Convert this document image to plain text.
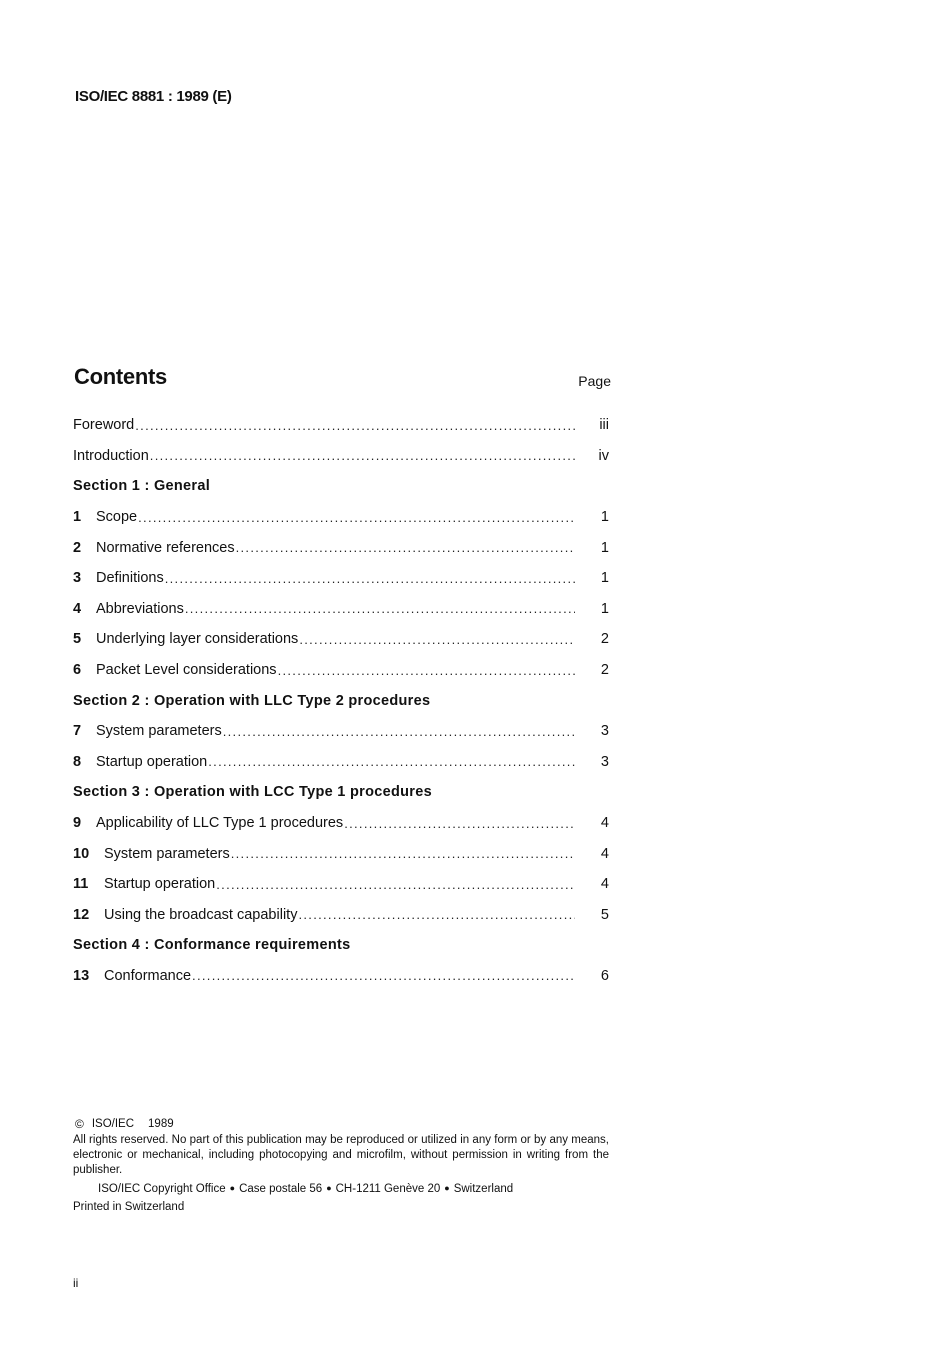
ISO/IEC 8881 : 1989 (E)
Contents	Page
Foreword .....	iii
Introduction .....	iv
Section 1 : General
1	Scope .....	1
2	Normative references .....	1
3	Definitions .....	1
4	Abbreviations .....	1
5	Underlying layer considerations .....	2
6	Packet Level considerations .....	2
Section 2 : Operation with LLC Type 2 procedures
7	System parameters .....	3
8	Startup operation .....	3
Section 3 : Operation with LCC Type 1 procedures
9	Applicability of LLC Type 1 procedures .....	4
10	System parameters .....	4
11	Startup operation .....	4
12	Using the broadcast capability .....	5
Section 4 : Conformance requirements
13	Conformance .....	6
© ISO/IEC 1989
All rights reserved. No part of this publication may be reproduced or utilized in any form or by any means, electronic or mechanical, including photocopying and microfilm, without permission in writing from the publisher.
ISO/IEC Copyright Office ● Case postale 56 ● CH-1211 Genève 20 ● Switzerland
Printed in Switzerland
ii
